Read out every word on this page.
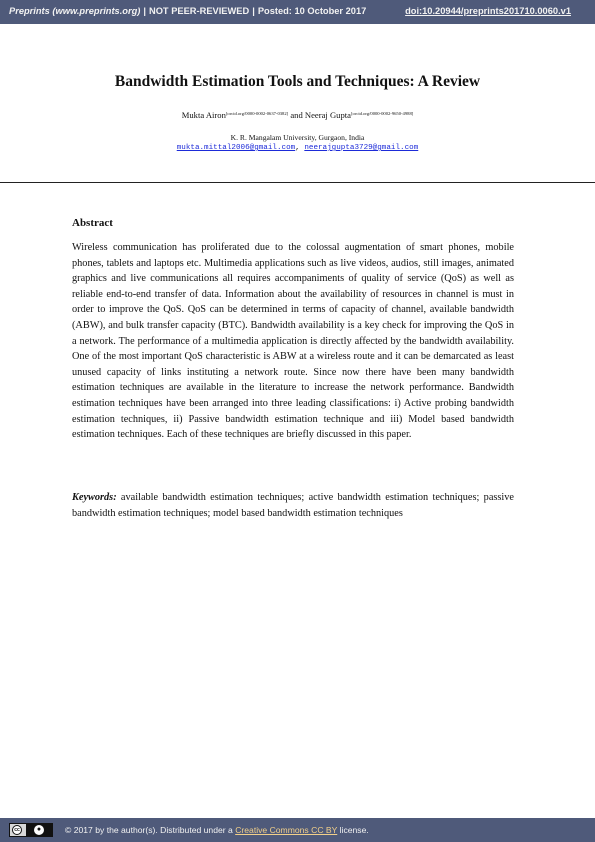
Preprints (www.preprints.org) | NOT PEER-REVIEWED | Posted: 10 October 2017	doi:10.20944/preprints201710.0060.v1
Bandwidth Estimation Tools and Techniques: A Review
Mukta Airon[orcid.org/0000-0002-0637-0382] and Neeraj Gupta[orcid.org/0000-0002-9650-4988]
K. R. Mangalam University, Gurgaon, India
mukta.mittal2006@gmail.com, neerajgupta3729@gmail.com
Abstract

Wireless communication has proliferated due to the colossal augmentation of smart phones, mobile phones, tablets and laptops etc. Multimedia applications such as live videos, audios, still images, animated graphics and live communications all requires accompaniments of quality of service (QoS) as well as reliable end-to-end transfer of data. Information about the availability of resources in channel is must in order to improve the QoS. QoS can be determined in terms of capacity of channel, available bandwidth (ABW), and bulk transfer capacity (BTC). Bandwidth availability is a key check for improving the QoS in a network. The performance of a multimedia application is directly affected by the bandwidth availability. One of the most important QoS characteristic is ABW at a wireless route and it can be demarcated as least unused capacity of links instituting a network route. Since now there have been many bandwidth estimation techniques are available in the literature to increase the network performance. Bandwidth estimation techniques have been arranged into three leading classifications: i) Active probing bandwidth estimation techniques, ii) Passive bandwidth estimation technique and iii) Model based bandwidth estimation techniques. Each of these techniques are briefly discussed in this paper.

Keywords: available bandwidth estimation techniques; active bandwidth estimation techniques; passive bandwidth estimation techniques; model based bandwidth estimation techniques

cc	●	© 2017 by the author(s). Distributed under a Creative Commons CC BY license.
